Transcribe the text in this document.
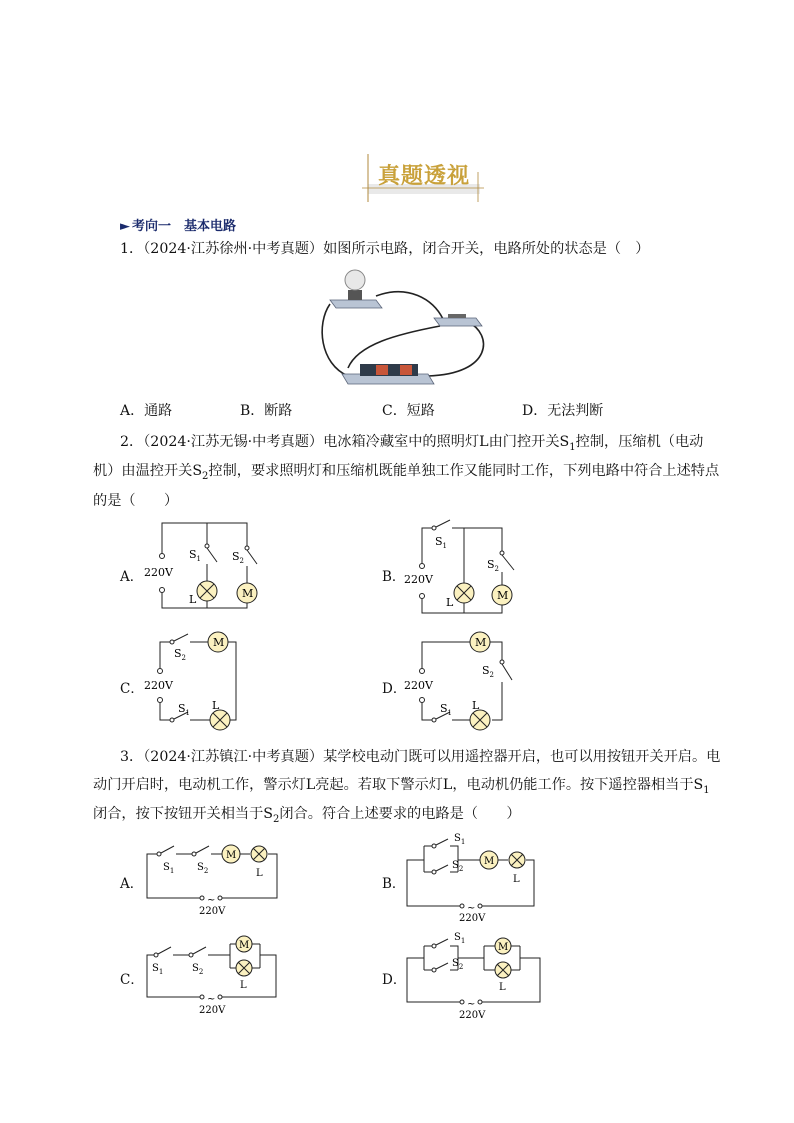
真题透视
► 考向一　基本电路
1．（2024·江苏徐州·中考真题）如图所示电路，闭合开关，电路所处的状态是（　）
A．通路	B．断路	C．短路	D．无法判断
2．（2024·江苏无锡·中考真题）电冰箱冷藏室中的照明灯L由门控开关$S_1$控制，压缩机（电动
机）由温控开关$S_2$控制，要求照明灯和压缩机既能单独工作又能同时工作，下列电路中符合上述特点
的是（　　）
A．
M
$S_1$	$S_2$
220V
L
B．
M
$S_1$
$S_2$
220V
L
C．
M
$S_2$
$S_1$
220V
L
D．
M
$S_2$
$S_1$
220V
L
3．（2024·江苏镇江·中考真题）某学校电动门既可以用遥控器开启，也可以用按钮开关开启。电
动门开启时，电动机工作，警示灯L亮起。若取下警示灯L，电动机仍能工作。按下遥控器相当于$S_1$
闭合，按下按钮开关相当于$S_2$闭合。符合上述要求的电路是（　　）
A．
M
$S_1$ $S_2$	L
~
220V
B．
M
$S_1$
$S_2$
L
~
220V
C．
M
$S_1$	$S_2$
L
~
220V
D．
M
$S_1$
$S_2$
L
~
220V
